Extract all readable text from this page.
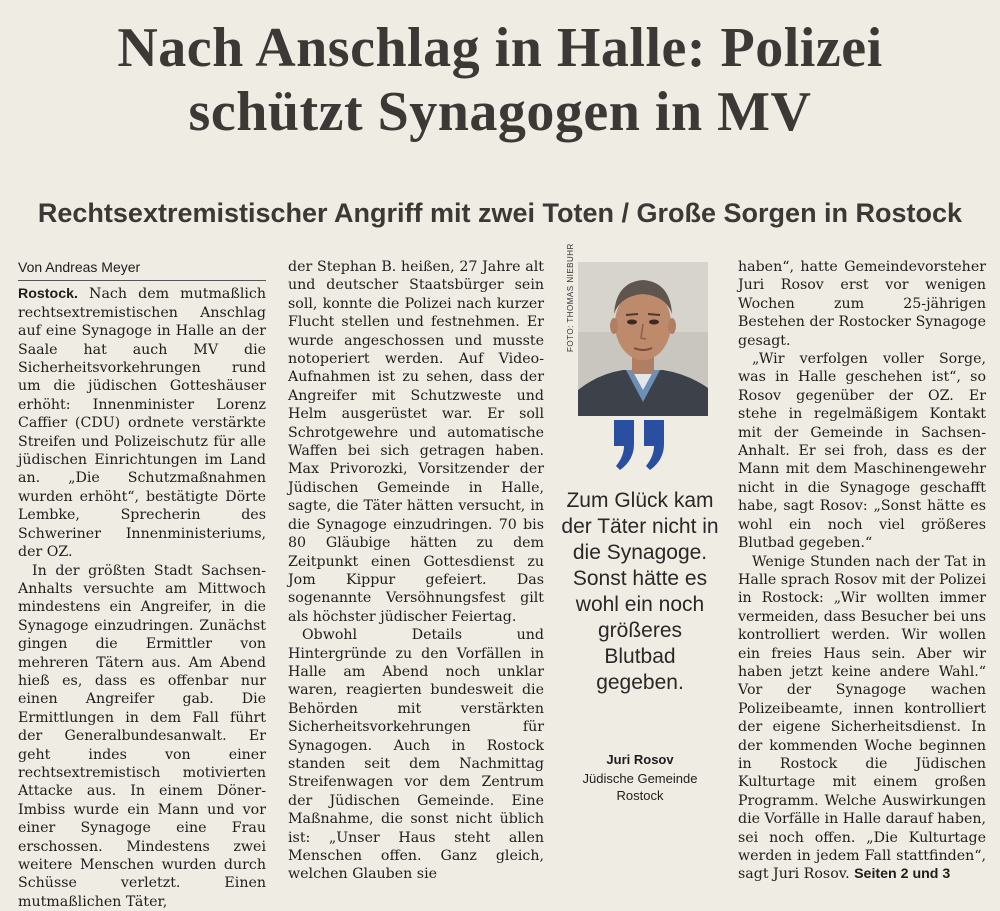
Nach Anschlag in Halle: Polizei
schützt Synagogen in MV
Rechtsextremistischer Angriff mit zwei Toten / Große Sorgen in Rostock
Von Andreas Meyer

Rostock. Nach dem mutmaßlich rechtsextremistischen Anschlag auf eine Synagoge in Halle an der Saale hat auch MV die Sicherheitsvorkehrungen rund um die jüdischen Gotteshäuser erhöht: Innenminister Lorenz Caffier (CDU) ordnete verstärkte Streifen und Polizeischutz für alle jüdischen Einrichtungen im Land an. „Die Schutzmaßnahmen wurden erhöht“, bestätigte Dörte Lembke, Sprecherin des Schweriner Innenministeriums, der OZ.

In der größten Stadt Sachsen-Anhalts versuchte am Mittwoch mindestens ein Angreifer, in die Synagoge einzudringen. Zunächst gingen die Ermittler von mehreren Tätern aus. Am Abend hieß es, dass es offenbar nur einen Angreifer gab. Die Ermittlungen in dem Fall führt der Generalbundesanwalt. Er geht indes von einer rechtsextremistisch motivierten Attacke aus. In einem Döner-Imbiss wurde ein Mann und vor einer Synagoge eine Frau erschossen. Mindestens zwei weitere Menschen wurden durch Schüsse verletzt. Einen mutmaßlichen Täter,

der Stephan B. heißen, 27 Jahre alt und deutscher Staatsbürger sein soll, konnte die Polizei nach kurzer Flucht stellen und festnehmen. Er wurde angeschossen und musste notoperiert werden. Auf Video-Aufnahmen ist zu sehen, dass der Angreifer mit Schutzweste und Helm ausgerüstet war. Er soll Schrotgewehre und automatische Waffen bei sich getragen haben. Max Privorozki, Vorsitzender der Jüdischen Gemeinde in Halle, sagte, die Täter hätten versucht, in die Synagoge einzudringen. 70 bis 80 Gläubige hätten zu dem Zeitpunkt einen Gottesdienst zu Jom Kippur gefeiert. Das sogenannte Versöhnungsfest gilt als höchster jüdischer Feiertag.

Obwohl Details und Hintergründe zu den Vorfällen in Halle am Abend noch unklar waren, reagierten bundesweit die Behörden mit verstärkten Sicherheitsvorkehrungen für Synagogen. Auch in Rostock standen seit dem Nachmittag Streifenwagen vor dem Zentrum der Jüdischen Gemeinde. Eine Maßnahme, die sonst nicht üblich ist: „Unser Haus steht allen Menschen offen. Ganz gleich, welchen Glauben sie

FOTO: THOMAS NIEBUHR
Zum Glück kam der Täter nicht in die Synagoge. Sonst hätte es wohl ein noch größeres Blutbad gegeben.
Juri Rosov
Jüdische Gemeinde
Rostock

haben“, hatte Gemeindevorsteher Juri Rosov erst vor wenigen Wochen zum 25-jährigen Bestehen der Rostocker Synagoge gesagt.

„Wir verfolgen voller Sorge, was in Halle geschehen ist“, so Rosov gegenüber der OZ. Er stehe in regelmäßigem Kontakt mit der Gemeinde in Sachsen-Anhalt. Er sei froh, dass es der Mann mit dem Maschinengewehr nicht in die Synagoge geschafft habe, sagt Rosov: „Sonst hätte es wohl ein noch viel größeres Blutbad gegeben.“

Wenige Stunden nach der Tat in Halle sprach Rosov mit der Polizei in Rostock: „Wir wollten immer vermeiden, dass Besucher bei uns kontrolliert werden. Wir wollen ein freies Haus sein. Aber wir haben jetzt keine andere Wahl.“ Vor der Synagoge wachen Polizeibeamte, innen kontrolliert der eigene Sicherheitsdienst. In der kommenden Woche beginnen in Rostock die Jüdischen Kulturtage mit einem großen Programm. Welche Auswirkungen die Vorfälle in Halle darauf haben, sei noch offen. „Die Kulturtage werden in jedem Fall stattfinden“, sagt Juri Rosov. Seiten 2 und 3
